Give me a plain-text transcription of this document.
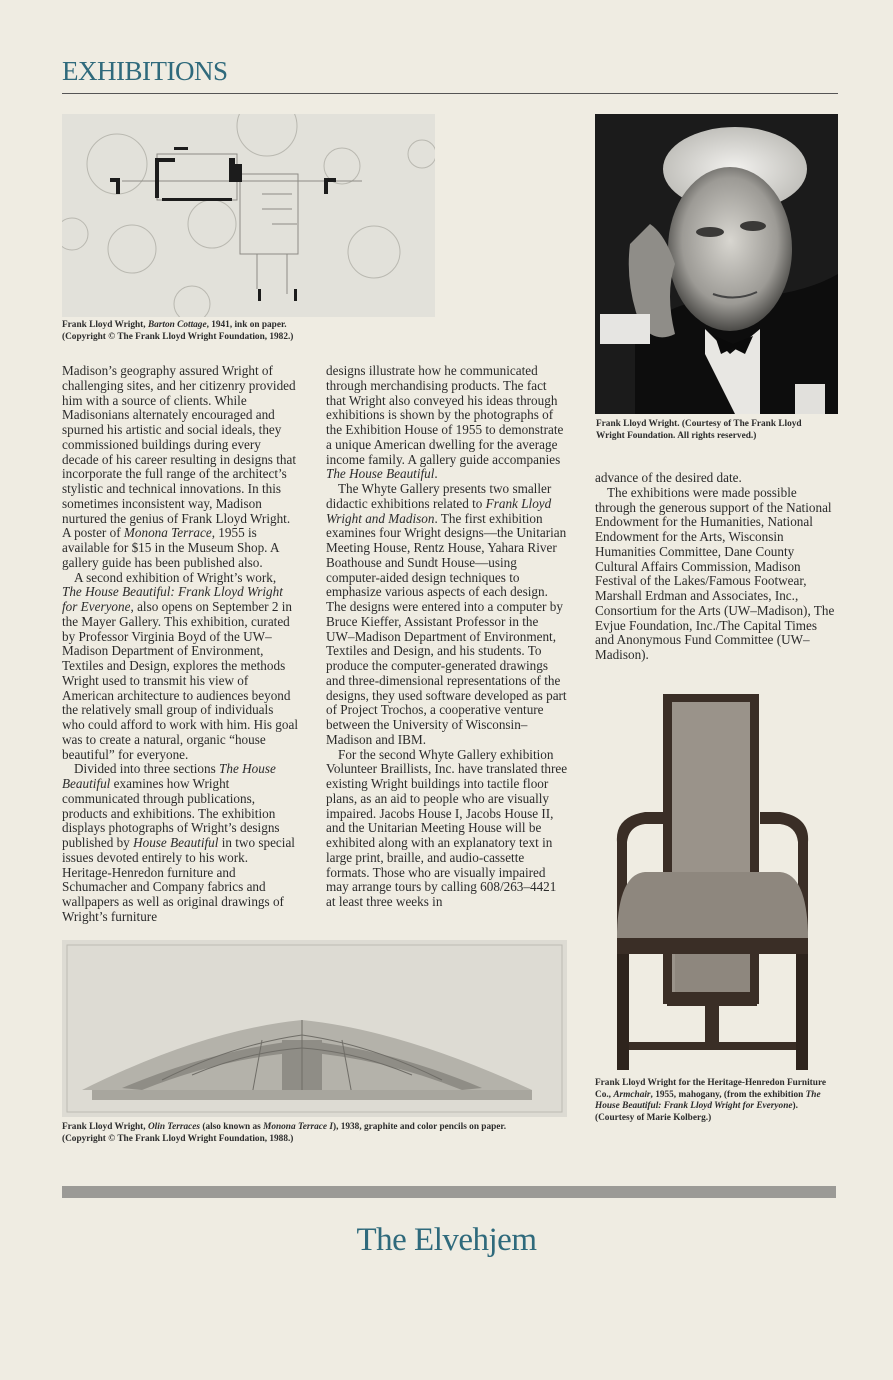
EXHIBITIONS
Frank Lloyd Wright, Barton Cottage, 1941, ink on paper.
(Copyright © The Frank Lloyd Wright Foundation, 1982.)
Frank Lloyd Wright. (Courtesy of The Frank Lloyd
Wright Foundation. All rights reserved.)

Madison’s geography assured Wright of challenging sites, and her citizenry provided him with a source of clients. While Madisonians alternately encouraged and spurned his artistic and social ideals, they commissioned buildings during every decade of his career resulting in designs that incorporate the full range of the architect’s stylistic and technical innovations. In this sometimes inconsistent way, Madison nurtured the genius of Frank Lloyd Wright. A poster of Monona Terrace, 1955 is available for $15 in the Museum Shop. A gallery guide has been published also.

A second exhibition of Wright’s work, The House Beautiful: Frank Lloyd Wright for Everyone, also opens on September 2 in the Mayer Gallery. This exhibition, curated by Professor Virginia Boyd of the UW–Madison Department of Environment, Textiles and Design, explores the methods Wright used to transmit his view of American architecture to audiences beyond the relatively small group of individuals who could afford to work with him. His goal was to create a natural, organic “house beautiful” for everyone.

Divided into three sections The House Beautiful examines how Wright communicated through publications, products and exhibitions. The exhibition displays photographs of Wright’s designs published by House Beautiful in two special issues devoted entirely to his work. Heritage-Henredon furniture and Schumacher and Company fabrics and wallpapers as well as original drawings of Wright’s furniture

designs illustrate how he communicated through merchandising products. The fact that Wright also conveyed his ideas through exhibitions is shown by the photographs of the Exhibition House of 1955 to demonstrate a unique American dwelling for the average income family. A gallery guide accompanies The House Beautiful.

The Whyte Gallery presents two smaller didactic exhibitions related to Frank Lloyd Wright and Madison. The first exhibition examines four Wright designs—the Unitarian Meeting House, Rentz House, Yahara River Boathouse and Sundt House—using computer-aided design techniques to emphasize various aspects of each design. The designs were entered into a computer by Bruce Kieffer, Assistant Professor in the UW–Madison Department of Environment, Textiles and Design, and his students. To produce the computer-generated drawings and three-dimensional representations of the designs, they used software developed as part of Project Trochos, a cooperative venture between the University of Wisconsin–Madison and IBM.

For the second Whyte Gallery exhibition Volunteer Braillists, Inc. have translated three existing Wright buildings into tactile floor plans, as an aid to people who are visually impaired. Jacobs House I, Jacobs House II, and the Unitarian Meeting House will be exhibited along with an explanatory text in large print, braille, and audio-cassette formats. Those who are visually impaired may arrange tours by calling 608/263–4421 at least three weeks in

advance of the desired date.

The exhibitions were made possible through the generous support of the National Endowment for the Humanities, National Endowment for the Arts, Wisconsin Humanities Committee, Dane County Cultural Affairs Commission, Madison Festival of the Lakes/Famous Footwear, Marshall Erdman and Associates, Inc., Consortium for the Arts (UW–Madison), The Evjue Foundation, Inc./The Capital Times and Anonymous Fund Committee (UW–Madison).

Frank Lloyd Wright, Olin Terraces (also known as Monona Terrace I), 1938, graphite and color pencils on paper.
(Copyright © The Frank Lloyd Wright Foundation, 1988.)
Frank Lloyd Wright for the Heritage-Henredon Furniture
Co., Armchair, 1955, mahogany, (from the exhibition The
House Beautiful: Frank Lloyd Wright for Everyone).
(Courtesy of Marie Kolberg.)
The Elvehjem
